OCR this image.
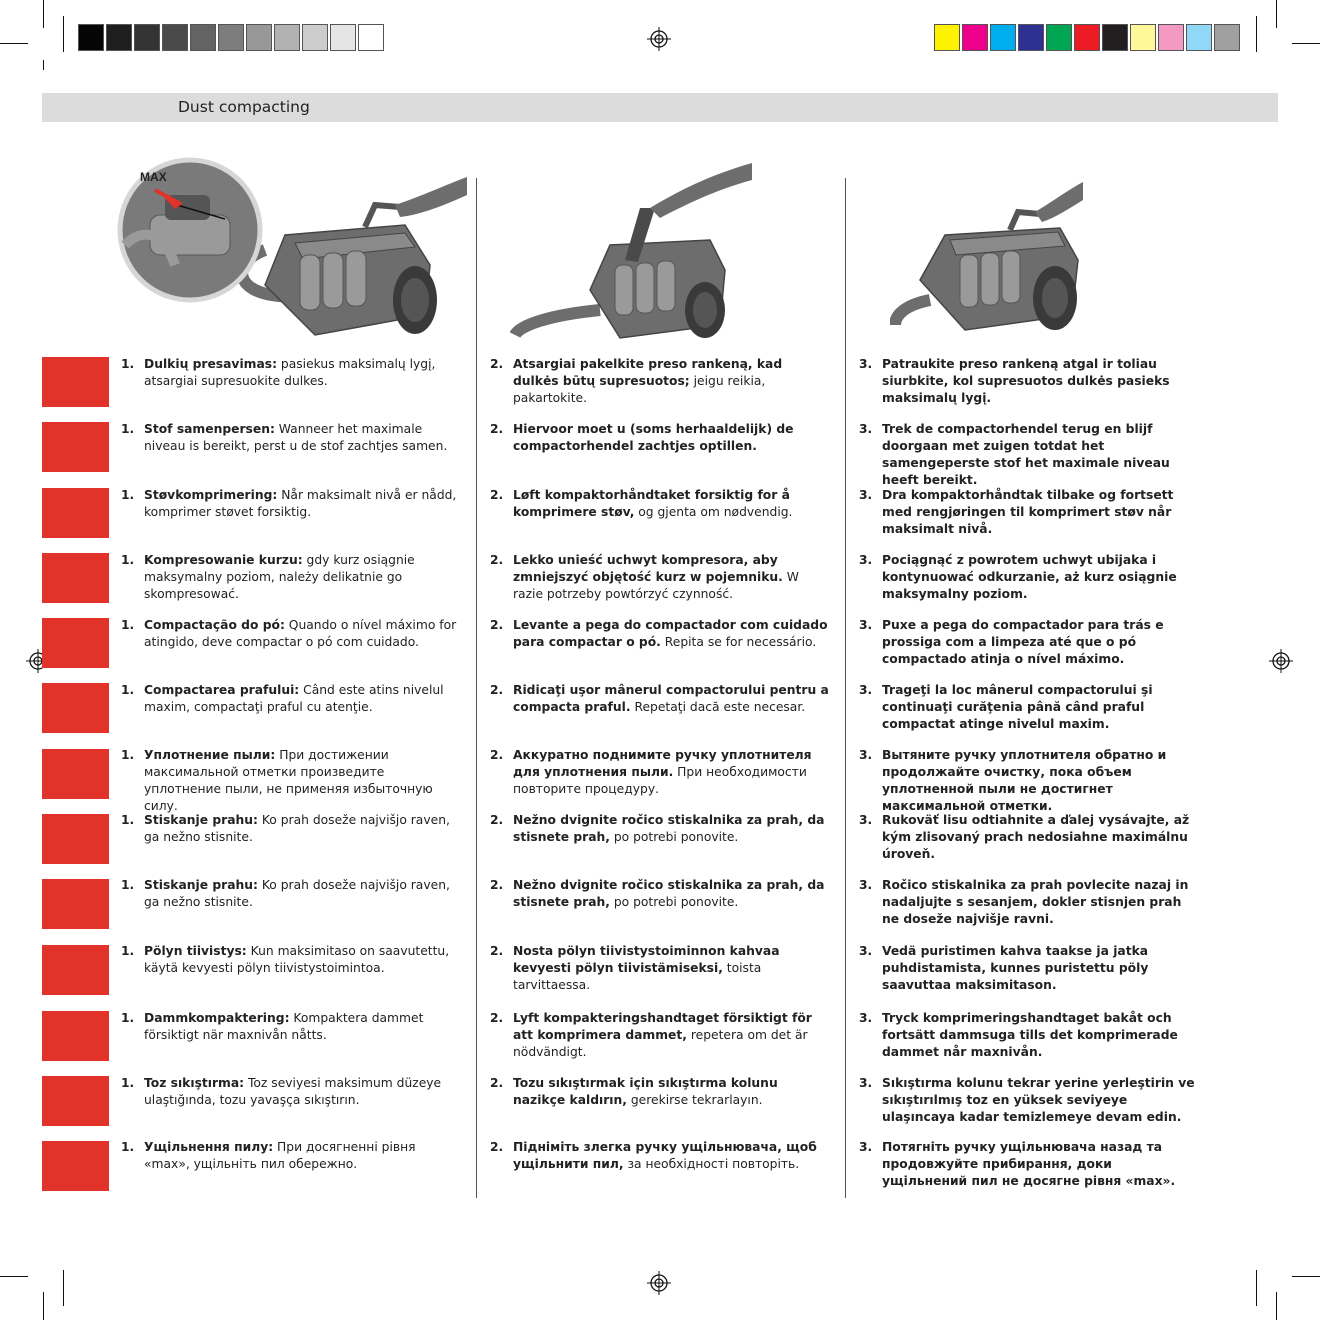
Dust compacting
MAX
1. Dulkių presavimas: pasiekus maksimalų lygį, atsargiai supresuokite dulkes.
2. Atsargiai pakelkite preso rankeną, kad dulkės būtų supresuotos; jeigu reikia, pakartokite.
3. Patraukite preso rankeną atgal ir toliau siurbkite, kol supresuotos dulkės pasieks maksimalų lygį.
1. Stof samenpersen: Wanneer het maximale niveau is bereikt, perst u de stof zachtjes samen.
2. Hiervoor moet u (soms herhaaldelijk) de compactorhendel zachtjes optillen.
3. Trek de compactorhendel terug en blijf doorgaan met zuigen totdat het samengeperste stof het maximale niveau heeft bereikt.
1. Støvkomprimering: Når maksimalt nivå er nådd, komprimer støvet forsiktig.
2. Løft kompaktorhåndtaket forsiktig for å komprimere støv, og gjenta om nødvendig.
3. Dra kompaktorhåndtak tilbake og fortsett med rengjøringen til komprimert støv når maksimalt nivå.
1. Kompresowanie kurzu: gdy kurz osiągnie maksymalny poziom, należy delikatnie go skompresować.
2. Lekko unieść uchwyt kompresora, aby zmniejszyć objętość kurz w pojemniku. W razie potrzeby powtórzyć czynność.
3. Pociągnąć z powrotem uchwyt ubijaka i kontynuować odkurzanie, aż kurz osiągnie maksymalny poziom.
1. Compactação do pó: Quando o nível máximo for atingido, deve compactar o pó com cuidado.
2. Levante a pega do compactador com cuidado para compactar o pó. Repita se for necessário.
3. Puxe a pega do compactador para trás e prossiga com a limpeza até que o pó compactado atinja o nível máximo.
1. Compactarea prafului: Când este atins nivelul maxim, compactaţi praful cu atenţie.
2. Ridicaţi uşor mânerul compactorului pentru a compacta praful. Repetaţi dacă este necesar.
3. Trageţi la loc mânerul compactorului şi continuaţi curăţenia până când praful compactat atinge nivelul maxim.
1. Уплотнение пыли: При достижении максимальной отметки произведите уплотнение пыли, не применяя избыточную силу.
2. Аккуратно поднимите ручку уплотнителя для уплотнения пыли. При необходимости повторите процедуру.
3. Вытяните ручку уплотнителя обратно и продолжайте очистку, пока объем уплотненной пыли не достигнет максимальной отметки.
1. Stiskanje prahu: Ko prah doseže najvišjo raven, ga nežno stisnite.
2. Nežno dvignite ročico stiskalnika za prah, da stisnete prah, po potrebi ponovite.
3. Rukoväť lisu odtiahnite a ďalej vysávajte, až kým zlisovaný prach nedosiahne maximálnu úroveň.
1. Stiskanje prahu: Ko prah doseže najvišjo raven, ga nežno stisnite.
2. Nežno dvignite ročico stiskalnika za prah, da stisnete prah, po potrebi ponovite.
3. Ročico stiskalnika za prah povlecite nazaj in nadaljujte s sesanjem, dokler stisnjen prah ne doseže najvišje ravni.
1. Pölyn tiivistys: Kun maksimitaso on saavutettu, käytä kevyesti pölyn tiivistystoimintoa.
2. Nosta pölyn tiivistystoiminnon kahvaa kevyesti pölyn tiivistämiseksi, toista tarvittaessa.
3. Vedä puristimen kahva taakse ja jatka puhdistamista, kunnes puristettu pöly saavuttaa maksimitason.
1. Dammkompaktering: Kompaktera dammet försiktigt när maxnivån nåtts.
2. Lyft kompakteringshandtaget försiktigt för att komprimera dammet, repetera om det är nödvändigt.
3. Tryck komprimeringshandtaget bakåt och fortsätt dammsuga tills det komprimerade dammet når maxnivån.
1. Toz sıkıştırma: Toz seviyesi maksimum düzeye ulaştığında, tozu yavaşça sıkıştırın.
2. Tozu sıkıştırmak için sıkıştırma kolunu nazikçe kaldırın, gerekirse tekrarlayın.
3. Sıkıştırma kolunu tekrar yerine yerleştirin ve sıkıştırılmış toz en yüksek seviyeye ulaşıncaya kadar temizlemeye devam edin.
1. Ущільнення пилу: При досягненні рівня «max», ущільніть пил обережно.
2. Підніміть злегка ручку ущільнювача, щоб ущільнити пил, за необхідності повторіть.
3. Потягніть ручку ущільнювача назад та продовжуйте прибирання, доки ущільнений пил не досягне рівня «max».
